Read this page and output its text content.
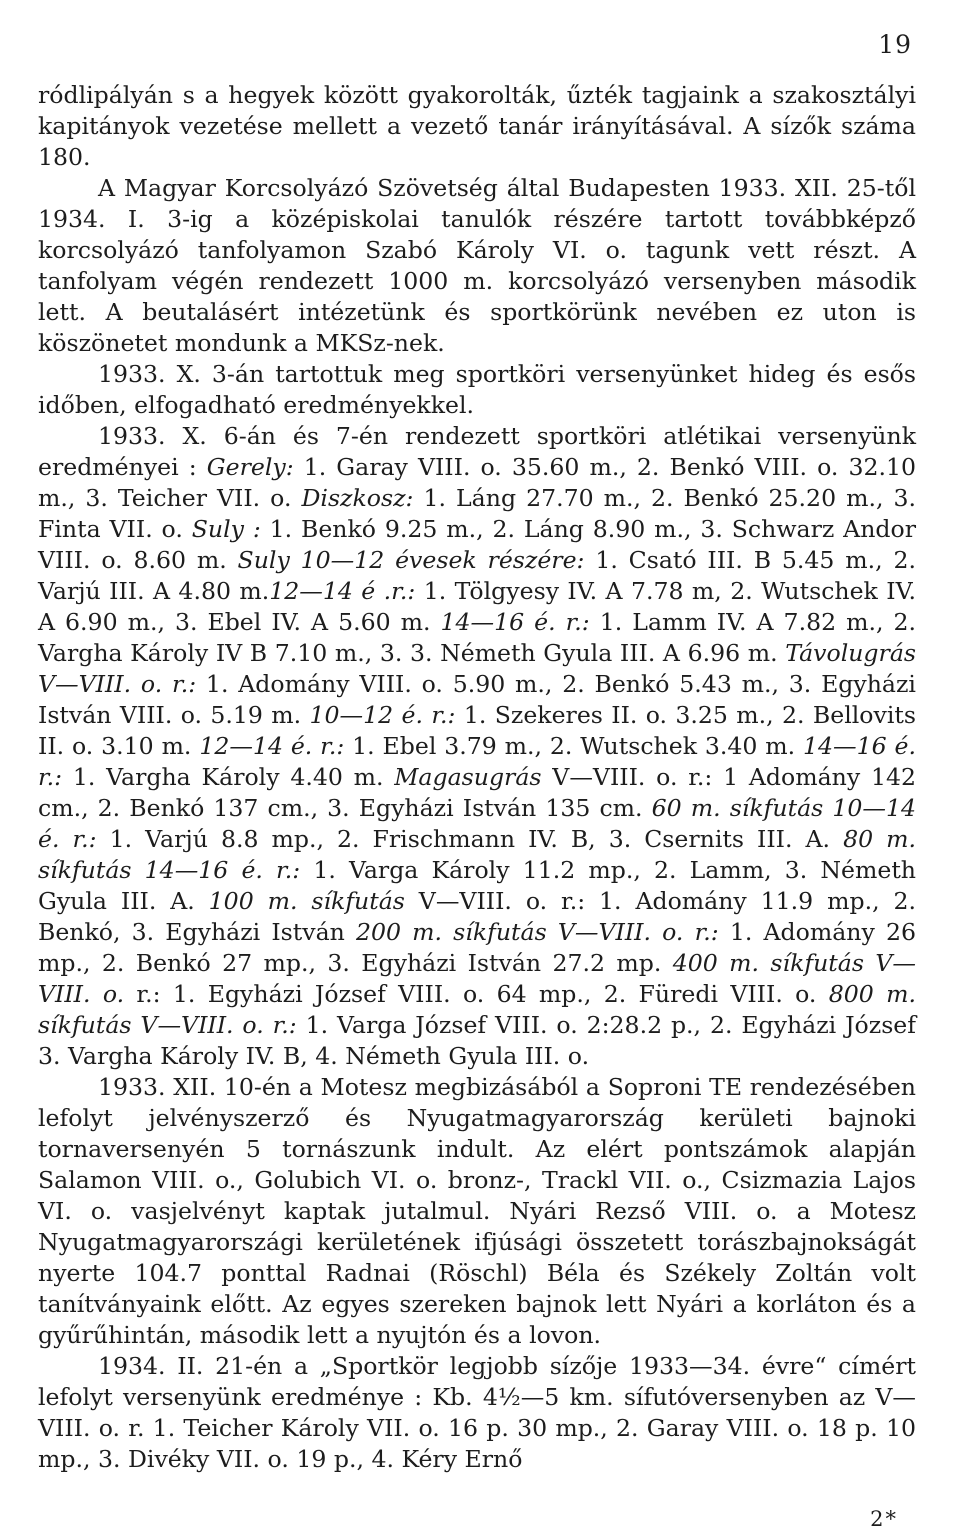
19

ródlipályán s a hegyek között gyakorolták, űzték tagjaink a szakosztályi kapitányok vezetése mellett a vezető tanár irányításával. A sízők száma 180.

A Magyar Korcsolyázó Szövetség által Budapesten 1933. XII. 25-től 1934. I. 3-ig a középiskolai tanulók részére tartott továbbképző korcsolyázó tanfolyamon Szabó Károly VI. o. tagunk vett részt. A tanfolyam végén rendezett 1000 m. korcsolyázó versenyben második lett. A beutalásért intézetünk és sportkörünk nevében ez uton is köszönetet mondunk a MKSz-nek.

1933. X. 3-án tartottuk meg sportköri versenyünket hideg és esős időben, elfogadható eredményekkel.

1933. X. 6-án és 7-én rendezett sportköri atlétikai versenyünk eredményei : Gerely: 1. Garay VIII. o. 35.60 m., 2. Benkó VIII. o. 32.10 m., 3. Teicher VII. o. Diszkosz: 1. Láng 27.70 m., 2. Benkó 25.20 m., 3. Finta VII. o. Suly : 1. Benkó 9.25 m., 2. Láng 8.90 m., 3. Schwarz Andor VIII. o. 8.60 m. Suly 10—12 évesek részére: 1. Csató III. B 5.45 m., 2. Varjú III. A 4.80 m.12—14 é .r.: 1. Tölgyesy IV. A 7.78 m, 2. Wutschek IV. A 6.90 m., 3. Ebel IV. A 5.60 m. 14—16 é. r.: 1. Lamm IV. A 7.82 m., 2. Vargha Károly IV B 7.10 m., 3. 3. Németh Gyula III. A 6.96 m. Távolugrás V—VIII. o. r.: 1. Adomány VIII. o. 5.90 m., 2. Benkó 5.43 m., 3. Egyházi István VIII. o. 5.19 m. 10—12 é. r.: 1. Szekeres II. o. 3.25 m., 2. Bellovits II. o. 3.10 m. 12—14 é. r.: 1. Ebel 3.79 m., 2. Wutschek 3.40 m. 14—16 é. r.: 1. Vargha Károly 4.40 m. Magasugrás V—VIII. o. r.: 1 Adomány 142 cm., 2. Benkó 137 cm., 3. Egyházi István 135 cm. 60 m. síkfutás 10—14 é. r.: 1. Varjú 8.8 mp., 2. Frischmann IV. B, 3. Csernits III. A. 80 m. síkfutás 14—16 é. r.: 1. Varga Károly 11.2 mp., 2. Lamm, 3. Németh Gyula III. A. 100 m. síkfutás V—VIII. o. r.: 1. Adomány 11.9 mp., 2. Benkó, 3. Egyházi István 200 m. síkfutás V—VIII. o. r.: 1. Adomány 26 mp., 2. Benkó 27 mp., 3. Egyházi István 27.2 mp. 400 m. síkfutás V—VIII. o. r.: 1. Egyházi József VIII. o. 64 mp., 2. Füredi VIII. o. 800 m. síkfutás V—VIII. o. r.: 1. Varga József VIII. o. 2:28.2 p., 2. Egyházi József 3. Vargha Károly IV. B, 4. Németh Gyula III. o.

1933. XII. 10-én a Motesz megbizásából a Soproni TE rendezésében lefolyt jelvényszerző és Nyugatmagyarország kerületi bajnoki tornaversenyén 5 tornászunk indult. Az elért pontszámok alapján Salamon VIII. o., Golubich VI. o. bronz-, Trackl VII. o., Csizmazia Lajos VI. o. vasjelvényt kaptak jutalmul. Nyári Rezső VIII. o. a Motesz Nyugatmagyarországi kerületének ifjúsági összetett torászbajnokságát nyerte 104.7 ponttal Radnai (Röschl) Béla és Székely Zoltán volt tanítványaink előtt. Az egyes szereken bajnok lett Nyári a korláton és a gyűrűhintán, második lett a nyujtón és a lovon.

1934. II. 21-én a „Sportkör legjobb sízője 1933—34. évre“ címért lefolyt versenyünk eredménye : Kb. 4½—5 km. sífutóversenyben az V—VIII. o. r. 1. Teicher Károly VII. o. 16 p. 30 mp., 2. Garay VIII. o. 18 p. 10 mp., 3. Divéky VII. o. 19 p., 4. Kéry Ernő

2*
